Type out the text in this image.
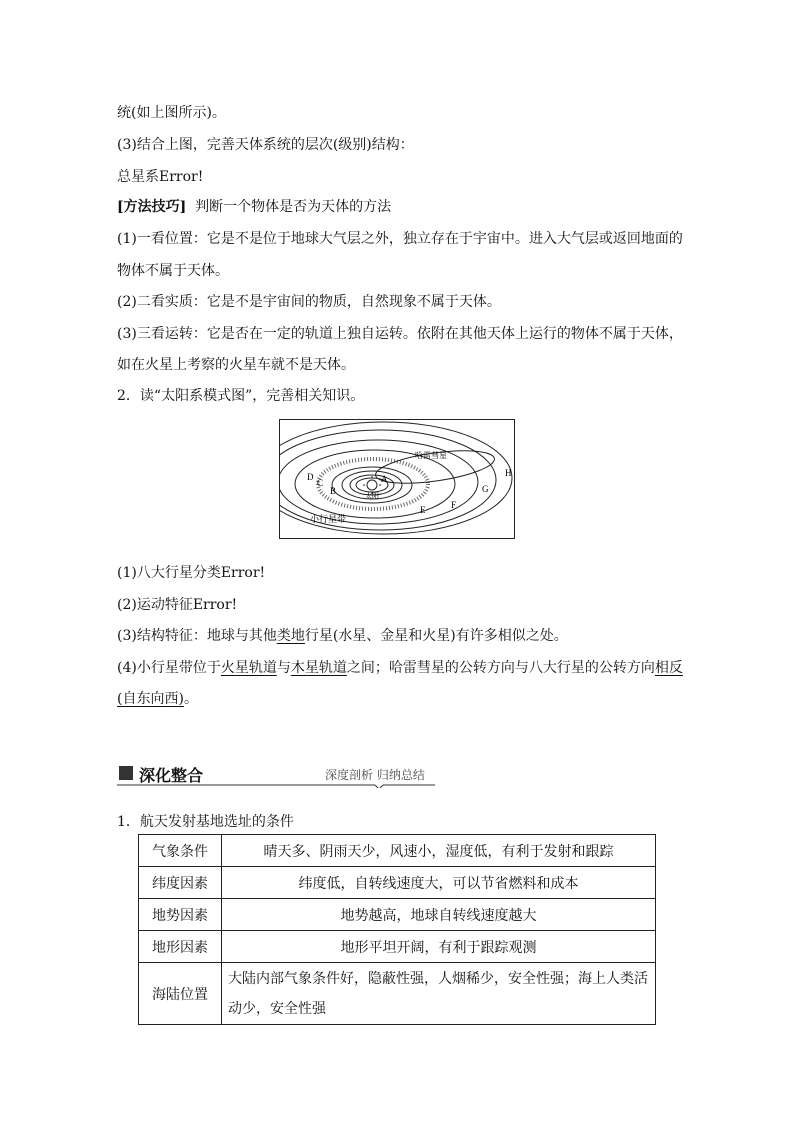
统(如上图所示)。
(3)结合上图，完善天体系统的层次(级别)结构：
总星系Error!
[方法技巧] 判断一个物体是否为天体的方法
(1)一看位置：它是不是位于地球大气层之外，独立存在于宇宙中。进入大气层或返回地面的
物体不属于天体。
(2)二看实质：它是不是宇宙间的物质，自然现象不属于天体。
(3)三看运转：它是否在一定的轨道上独自运转。依附在其他天体上运行的物体不属于天体，
如在火星上考察的火星车就不是天体。
2．读“太阳系模式图”，完善相关知识。
太阳
哈雷彗星
小行星带
A
B
C
D
E	F
G
H
(1)八大行星分类Error!
(2)运动特征Error!
(3)结构特征：地球与其他类地行星(水星、金星和火星)有许多相似之处。
(4)小行星带位于火星轨道与木星轨道之间；哈雷彗星的公转方向与八大行星的公转方向相反
(自东向西)。
深化整合	深度剖析 归纳总结
1．航天发射基地选址的条件
气象条件	晴天多、阴雨天少，风速小，湿度低，有利于发射和跟踪
纬度因素	纬度低，自转线速度大，可以节省燃料和成本
地势因素	地势越高，地球自转线速度越大
地形因素	地形平坦开阔，有利于跟踪观测
海陆位置	大陆内部气象条件好，隐蔽性强，人烟稀少，安全性强；海上人类活动少，安全性强
